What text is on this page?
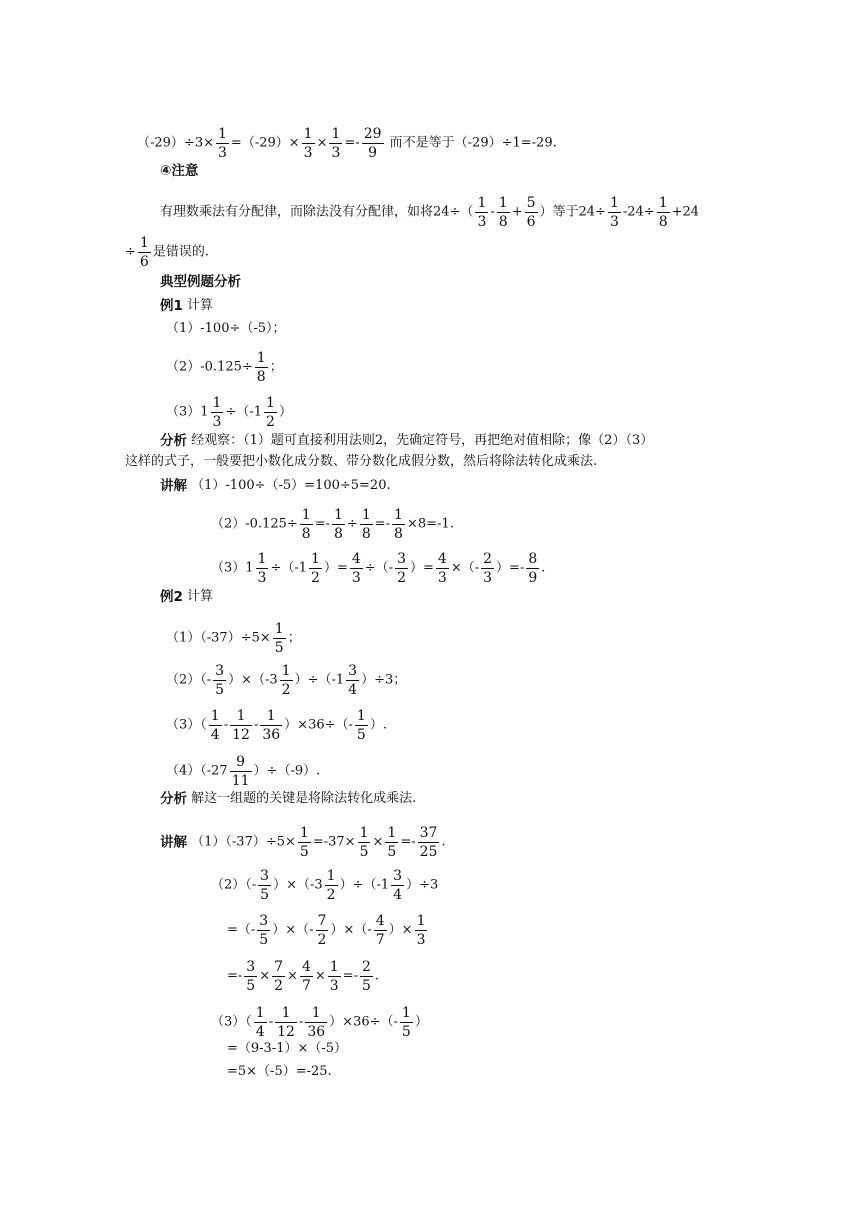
$(-29)\div 3\times \frac{1}{3} =(-29)\times \frac{1}{3} \times \frac{1}{3} =- \frac{29}{9}$ 而不是等于（-29）÷1=-29.
④注意
有理数乘法有分配律，而除法没有分配律，如将$24\div( \frac{1}{3} - \frac{1}{8} + \frac{5}{6}$ ）等于$24\div \frac{1}{3} -24\div \frac{1}{8} +24$
÷ $\frac{1}{6}$ 是错误的.
典型例题分析
例1 计算
（1）-100÷（-5）；
$(2)-0.125\div \frac{1}{8}$ ；
$(3)1 \frac{1}{3} \div(-1 \frac{1}{2}$ ）
分析 经观察：（1）题可直接利用法则2，先确定符号，再把绝对值相除；像（2）（3）
这样的式子，一般要把小数化成分数、带分数化成假分数，然后将除法转化成乘法.
讲解 （1）-100÷（-5）=100÷5=20.
$(2)-0.125\div \frac{1}{8} =- \frac{1}{8} \div \frac{1}{8} =- \frac{1}{8} \times 8=-1$.
$(3)1 \frac{1}{3} \div(-1 \frac{1}{2}$ ）= $\frac{4}{3}$ ÷（- $\frac{3}{2}$ ）= $\frac{4}{3}$ ×（- $\frac{2}{3}$ ）=- $\frac{8}{9}$ .
例2 计算
$(1)(-37)\div 5\times \frac{1}{5}$ ；
$(2)(- \frac{3}{5} )\times(-3 \frac{1}{2} )\div(-1 \frac{3}{4} )\div 3$；
$(3)( \frac{1}{4} - \frac{1}{12} - \frac{1}{36} )\times 36\div(- \frac{1}{5}$ ）.
$(4)(-27 \frac{9}{11} )\div(-9)$.
分析 解这一组题的关键是将除法转化成乘法.
讲解 $(1)(-37)\div 5\times \frac{1}{5} =-37\times \frac{1}{5} \times \frac{1}{5} =- \frac{37}{25}$ .
$(2)(- \frac{3}{5} )\times(-3 \frac{1}{2} )\div(-1 \frac{3}{4} )\div 3$
=（- $\frac{3}{5}$ ）×（- $\frac{7}{2}$ ）×（- $\frac{4}{7}$ ）× $\frac{1}{3}$
=- $\frac{3}{5} \times \frac{7}{2} \times \frac{4}{7} \times \frac{1}{3} =- \frac{2}{5}$ .
$(3)( \frac{1}{4} - \frac{1}{12} - \frac{1}{36} )\times 36\div(- \frac{1}{5}$ ）
=（9-3-1）×（-5）
=5×（-5）=-25.
